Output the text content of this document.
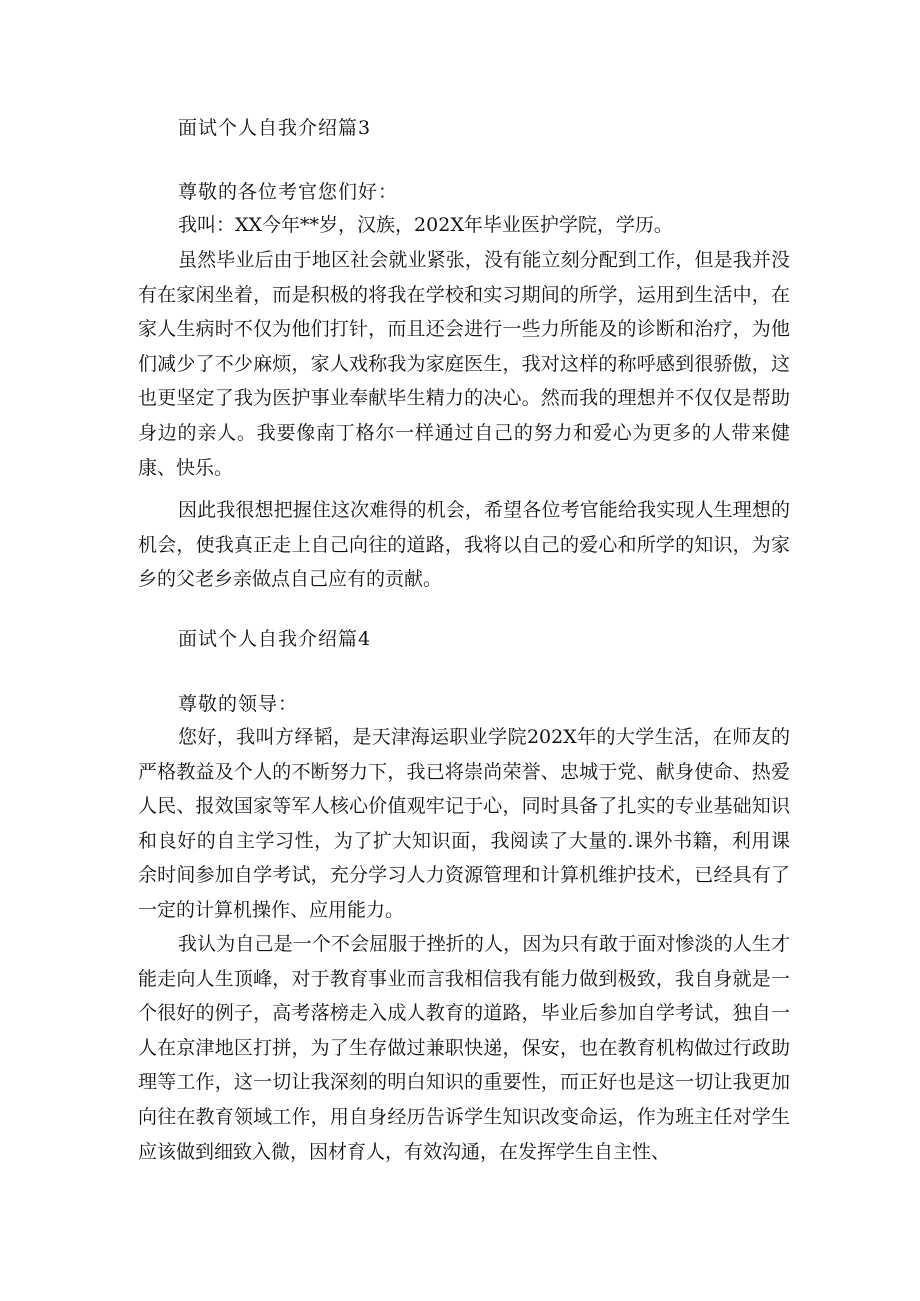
面试个人自我介绍篇3

尊敬的各位考官您们好：

我叫：XX今年**岁，汉族，202X年毕业医护学院，学历。

虽然毕业后由于地区社会就业紧张，没有能立刻分配到工作，但是我并没有在家闲坐着，而是积极的将我在学校和实习期间的所学，运用到生活中，在家人生病时不仅为他们打针，而且还会进行一些力所能及的诊断和治疗，为他们减少了不少麻烦，家人戏称我为家庭医生，我对这样的称呼感到很骄傲，这也更坚定了我为医护事业奉献毕生精力的决心。然而我的理想并不仅仅是帮助身边的亲人。我要像南丁格尔一样通过自己的努力和爱心为更多的人带来健康、快乐。

因此我很想把握住这次难得的机会，希望各位考官能给我实现人生理想的机会，使我真正走上自己向往的道路，我将以自己的爱心和所学的知识，为家乡的父老乡亲做点自己应有的贡献。

面试个人自我介绍篇4

尊敬的领导：

您好，我叫方绎韬，是天津海运职业学院202X年的大学生活，在师友的严格教益及个人的不断努力下，我已将崇尚荣誉、忠城于党、献身使命、热爱人民、报效国家等军人核心价值观牢记于心，同时具备了扎实的专业基础知识和良好的自主学习性，为了扩大知识面，我阅读了大量的.课外书籍，利用课余时间参加自学考试，充分学习人力资源管理和计算机维护技术，已经具有了一定的计算机操作、应用能力。

我认为自己是一个不会屈服于挫折的人，因为只有敢于面对惨淡的人生才能走向人生顶峰，对于教育事业而言我相信我有能力做到极致，我自身就是一个很好的例子，高考落榜走入成人教育的道路，毕业后参加自学考试，独自一人在京津地区打拼，为了生存做过兼职快递，保安，也在教育机构做过行政助理等工作，这一切让我深刻的明白知识的重要性，而正好也是这一切让我更加向往在教育领域工作，用自身经历告诉学生知识改变命运，作为班主任对学生应该做到细致入微，因材育人，有效沟通，在发挥学生自主性、
